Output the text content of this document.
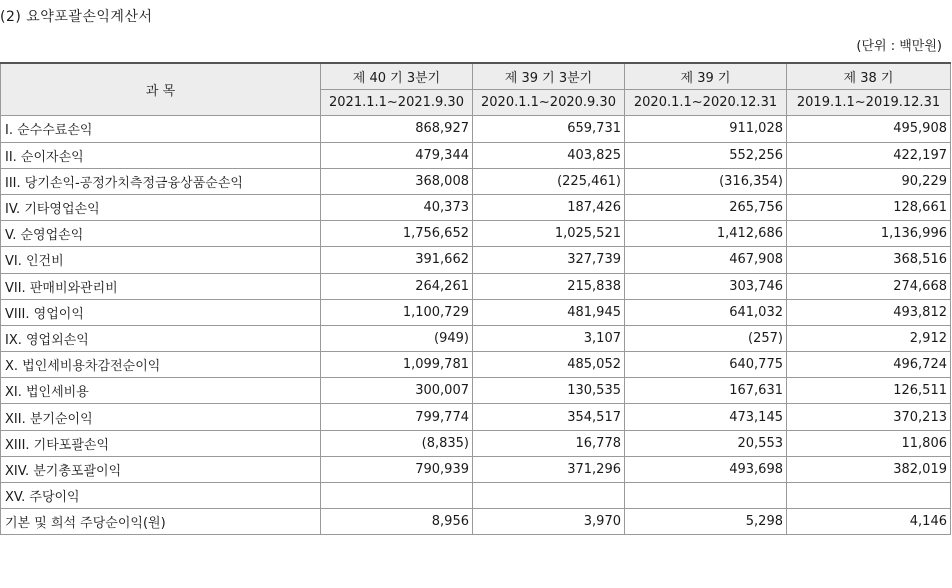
(2) 요약포괄손익계산서
(단위 : 백만원)
과 목	제 40 기 3분기	제 39 기 3분기	제 39 기	제 38 기
	2021.1.1~2021.9.30	2020.1.1~2020.9.30	2020.1.1~2020.12.31	2019.1.1~2019.12.31
I. 순수수료손익	868,927	659,731	911,028	495,908
II. 순이자손익	479,344	403,825	552,256	422,197
III. 당기손익-공정가치측정금융상품순손익	368,008	(225,461)	(316,354)	90,229
IV. 기타영업손익	40,373	187,426	265,756	128,661
V. 순영업손익	1,756,652	1,025,521	1,412,686	1,136,996
VI. 인건비	391,662	327,739	467,908	368,516
VII. 판매비와관리비	264,261	215,838	303,746	274,668
VIII. 영업이익	1,100,729	481,945	641,032	493,812
IX. 영업외손익	(949)	3,107	(257)	2,912
X. 법인세비용차감전순이익	1,099,781	485,052	640,775	496,724
XI. 법인세비용	300,007	130,535	167,631	126,511
XII. 분기순이익	799,774	354,517	473,145	370,213
XIII. 기타포괄손익	(8,835)	16,778	20,553	11,806
XIV. 분기총포괄이익	790,939	371,296	493,698	382,019
XV. 주당이익				
기본 및 희석 주당순이익(원)	8,956	3,970	5,298	4,146
